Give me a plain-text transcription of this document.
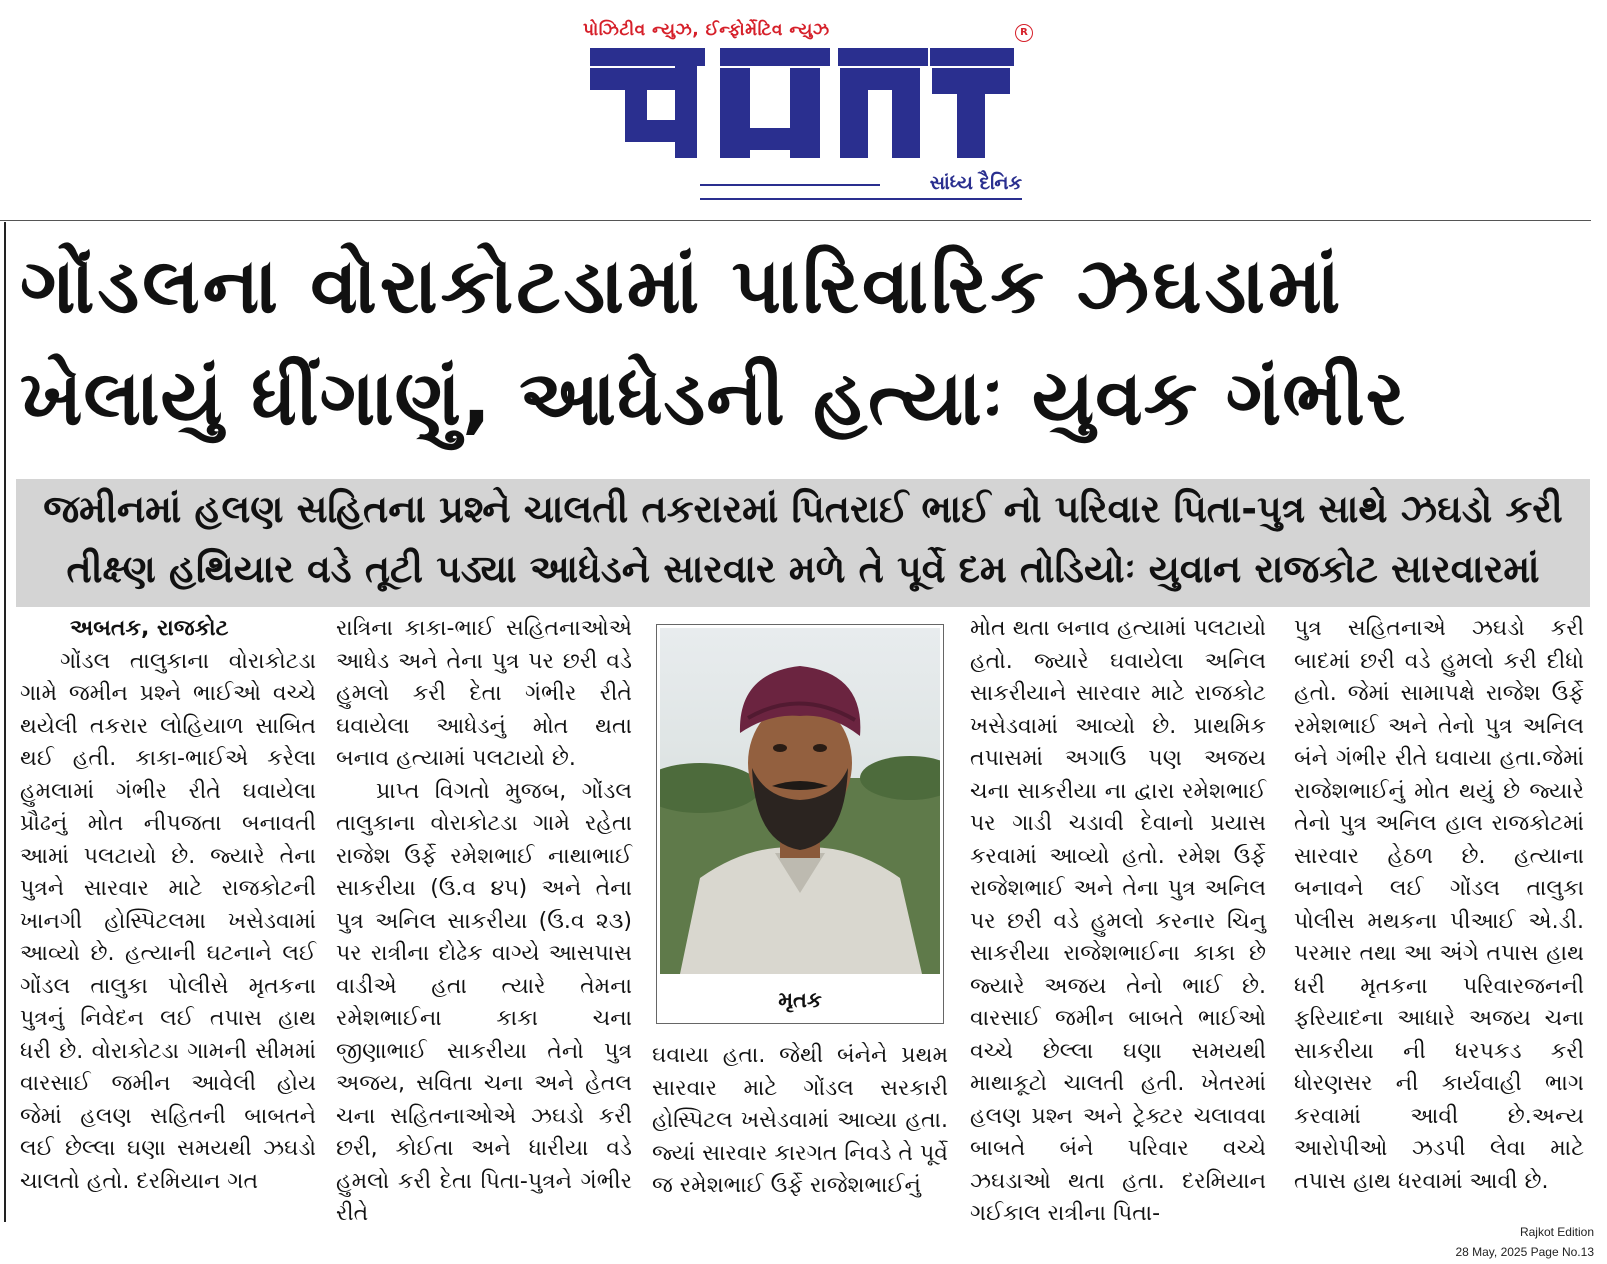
પોઝિટીવ ન્યુઝ, ઈન્ફોર્મેટિવ ન્યુઝ	R
સાંધ્ય દૈનિક
ગોંડલના વોરાકોટડામાં પારિવારિક ઝઘડામાં
ખેલાયું ધીંગાણું, આધેડની હત્યાઃ યુવક ગંભીર
જમીનમાં હલણ સહિતના પ્રશ્ને ચાલતી તકરારમાં પિતરાઈ ભાઈ નો પરિવાર પિતા-પુત્ર સાથે ઝઘડો કરી
તીક્ષ્ણ હથિયાર વડે તૂટી પડ્યા આધેડને સારવાર મળે તે પૂર્વે દમ તોડિયોઃ યુવાન રાજકોટ સારવારમાં

અબતક, રાજકોટ

ગોંડલ તાલુકાના વોરાકોટડા ગામે જમીન પ્રશ્ને ભાઈઓ વચ્ચે થયેલી તકરાર લોહિયાળ સાબિત થઈ હતી. કાકા-ભાઈએ કરેલા હુમલામાં ગંભીર રીતે ઘવાયેલા પ્રૌઢનું મોત નીપજતા બનાવતી આમાં પલટાયો છે. જ્યારે તેના પુત્રને સારવાર માટે રાજકોટની ખાનગી હોસ્પિટલમા ખસેડવામાં આવ્યો છે. હત્યાની ઘટનાને લઈ ગોંડલ તાલુકા પોલીસે મૃતકના પુત્રનું નિવેદન લઈ તપાસ હાથ ધરી છે. વોરાકોટડા ગામની સીમમાં વારસાઈ જમીન આવેલી હોય જેમાં હલણ સહિતની બાબતને લઈ છેલ્લા ઘણા સમયથી ઝઘડો ચાલતો હતો. દરમિયાન ગત

રાત્રિના કાકા-ભાઈ સહિતનાઓએ આધેડ અને તેના પુત્ર પર છરી વડે હુમલો કરી દેતા ગંભીર રીતે ઘવાયેલા આધેડનું મોત થતા બનાવ હત્યામાં પલટાયો છે.

પ્રાપ્ત વિગતો મુજબ, ગોંડલ તાલુકાના વોરાકોટડા ગામે રહેતા રાજેશ ઉર્ફે રમેશભાઈ નાથાભાઈ સાકરીયા (ઉ.વ ૪૫) અને તેના પુત્ર અનિલ સાકરીયા (ઉ.વ ૨૩) પર રાત્રીના દોઢેક વાગ્યે આસપાસ વાડીએ હતા ત્યારે તેમના રમેશભાઈના કાકા ચના જીણાભાઈ સાકરીયા તેનો પુત્ર અજય, સવિતા ચના અને હેતલ ચના સહિતનાઓએ ઝઘડો કરી છરી, કોઈતા અને ધારીયા વડે હુમલો કરી દેતા પિતા-પુત્રને ગંભીર રીતે

મૃતક

ઘવાયા હતા. જેથી બંનેને પ્રથમ સારવાર માટે ગોંડલ સરકારી હોસ્પિટલ ખસેડવામાં આવ્યા હતા. જ્યાં સારવાર કારગત નિવડે તે પૂર્વે જ રમેશભાઈ ઉર્ફે રાજેશભાઈનું

મોત થતા બનાવ હત્યામાં પલટાયો હતો. જ્યારે ઘવાયેલા અનિલ સાકરીયાને સારવાર માટે રાજકોટ ખસેડવામાં આવ્યો છે. પ્રાથમિક તપાસમાં અગાઉ પણ અજય ચના સાકરીયા ના દ્વારા રમેશભાઈ પર ગાડી ચડાવી દેવાનો પ્રયાસ કરવામાં આવ્યો હતો. રમેશ ઉર્ફે રાજેશભાઈ અને તેના પુત્ર અનિલ પર છરી વડે હુમલો કરનાર ચિનુ સાકરીયા રાજેશભાઈના કાકા છે જ્યારે અજય તેનો ભાઈ છે. વારસાઈ જમીન બાબતે ભાઈઓ વચ્ચે છેલ્લા ઘણા સમયથી માથાકૂટો ચાલતી હતી. ખેતરમાં હલણ પ્રશ્ન અને ટ્રેક્ટર ચલાવવા બાબતે બંને પરિવાર વચ્ચે ઝઘડાઓ થતા હતા. દરમિયાન ગઈકાલ રાત્રીના પિતા-

પુત્ર સહિતનાએ ઝઘડો કરી બાદમાં છરી વડે હુમલો કરી દીધો હતો. જેમાં સામાપક્ષે રાજેશ ઉર્ફે રમેશભાઈ અને તેનો પુત્ર અનિલ બંને ગંભીર રીતે ઘવાયા હતા.જેમાં રાજેશભાઈનું મોત થયું છે જ્યારે તેનો પુત્ર અનિલ હાલ રાજકોટમાં સારવાર હેઠળ છે. હત્યાના બનાવને લઈ ગોંડલ તાલુકા પોલીસ મથકના પીઆઈ એ.ડી. પરમાર તથા આ અંગે તપાસ હાથ ધરી મૃતકના પરિવારજનની ફરિયાદના આધારે અજય ચના સાકરીયા ની ધરપકડ કરી ધોરણસર ની કાર્યવાહી ભાગ કરવામાં આવી છે.અન્ય આરોપીઓ ઝડપી લેવા માટે તપાસ હાથ ધરવામાં આવી છે.

Rajkot Edition
28 May, 2025 Page No.13
